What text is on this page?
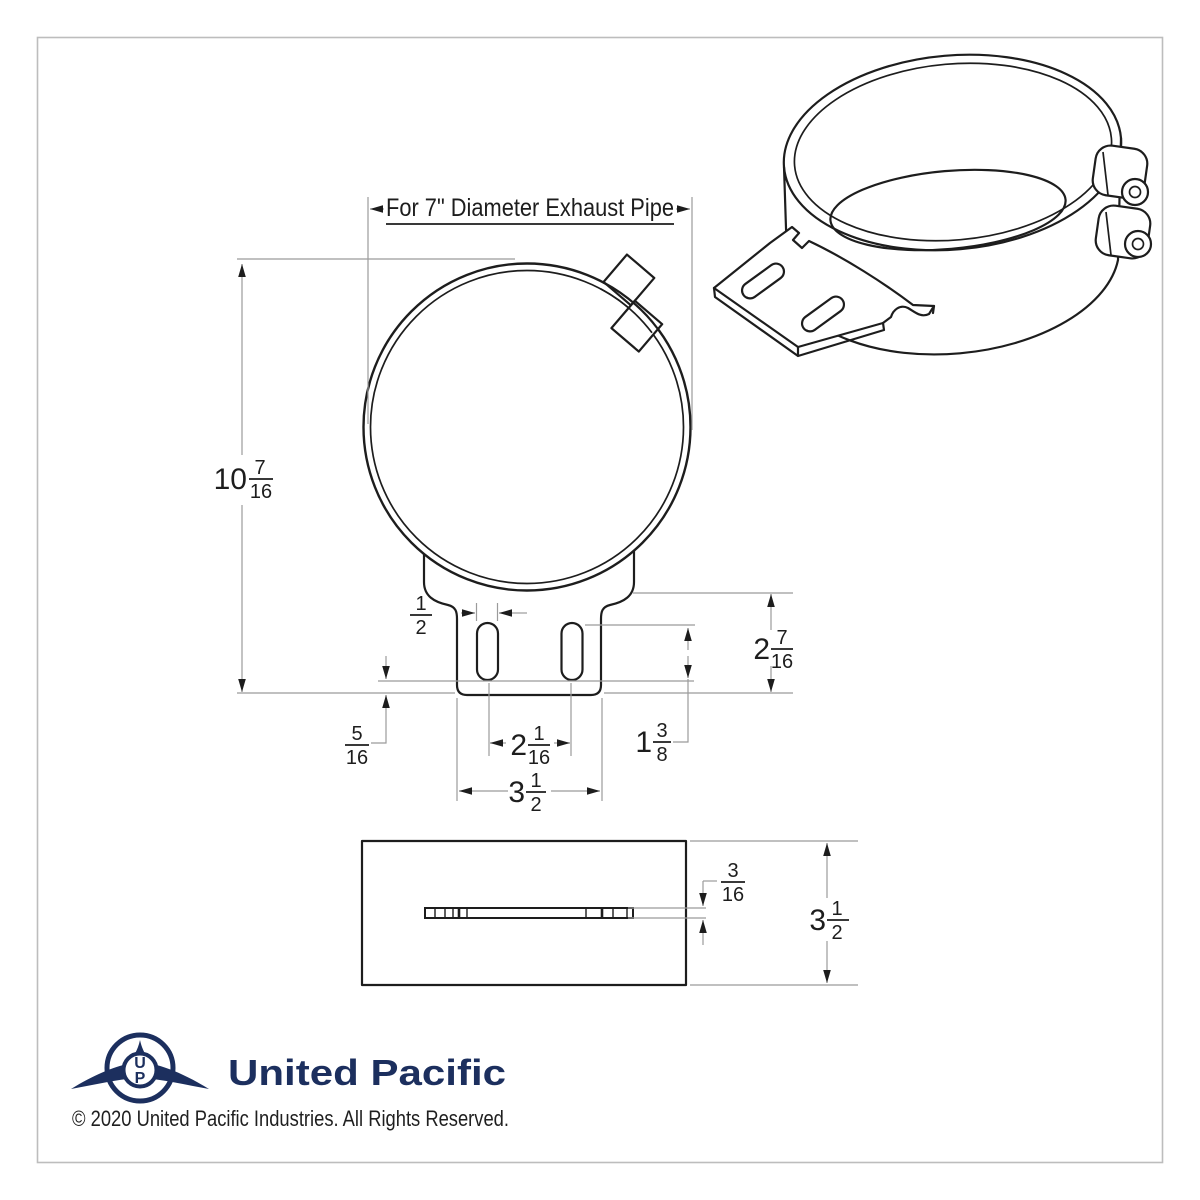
For 7" Diameter Exhaust Pipe
10 7
16
1
2
2 7
16
1 3
8
5
16	2 1
16
3 1
2
3
16
3 1
2
U
P United Pacific
© 2020 United Pacific Industries. All Rights Reserved.
